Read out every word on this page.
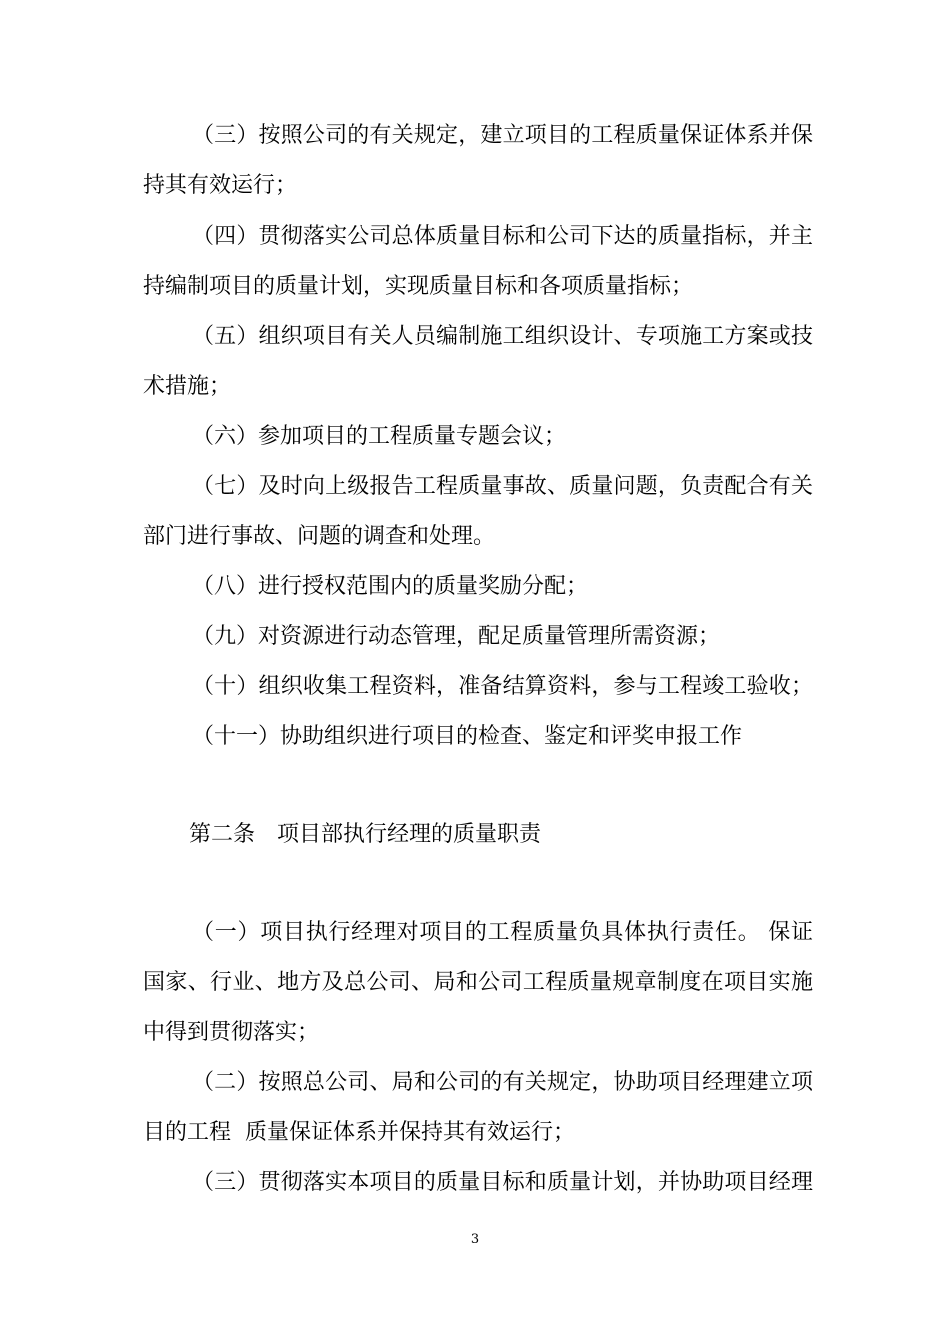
（三）按照公司的有关规定，建立项目的工程质量保证体系并保
持其有效运行；
（四）贯彻落实公司总体质量目标和公司下达的质量指标，并主
持编制项目的质量计划，实现质量目标和各项质量指标；
（五）组织项目有关人员编制施工组织设计、专项施工方案或技
术措施；
（六）参加项目的工程质量专题会议；
（七）及时向上级报告工程质量事故、质量问题，负责配合有关
部门进行事故、问题的调查和处理。
（八）进行授权范围内的质量奖励分配；
（九）对资源进行动态管理，配足质量管理所需资源；
（十）组织收集工程资料，准备结算资料，参与工程竣工验收；
（十一）协助组织进行项目的检查、鉴定和评奖申报工作
第二条　项目部执行经理的质量职责
（一）项目执行经理对项目的工程质量负具体执行责任。 保证
国家、行业、地方及总公司、局和公司工程质量规章制度在项目实施
中得到贯彻落实；
（二）按照总公司、局和公司的有关规定，协助项目经理建立项
目的工程  质量保证体系并保持其有效运行；
（三）贯彻落实本项目的质量目标和质量计划，并协助项目经理
3
